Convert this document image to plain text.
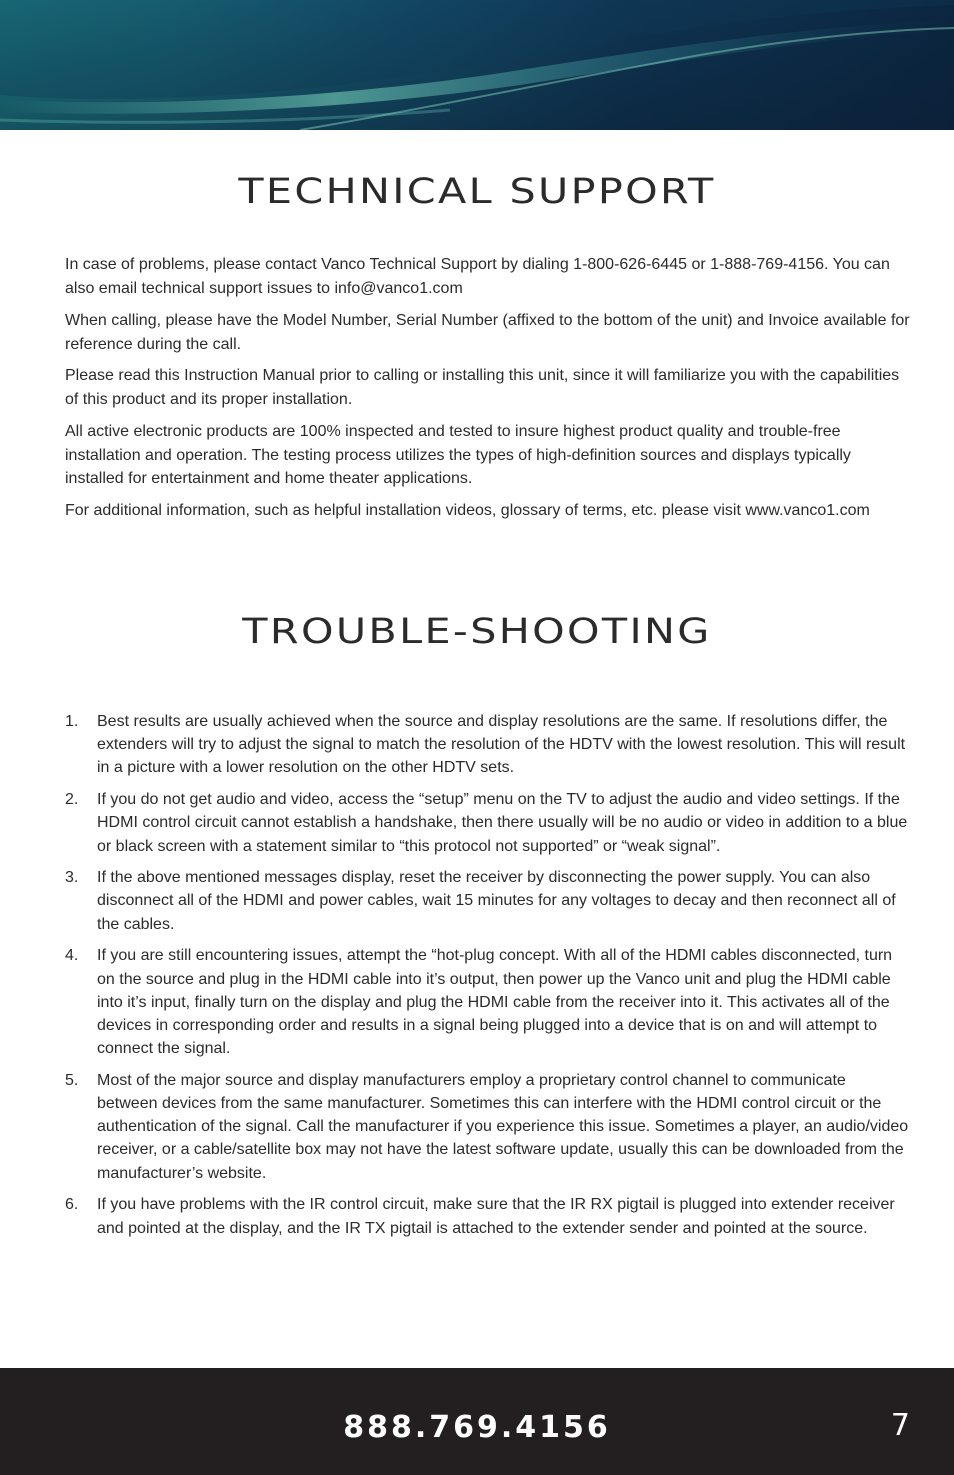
TECHNICAL SUPPORT

In case of problems, please contact Vanco Technical Support by dialing 1-800-626-6445 or 1-888-769-4156. You can also email technical support issues to info@vanco1.com

When calling, please have the Model Number, Serial Number (affixed to the bottom of the unit) and Invoice available for reference during the call.

Please read this Instruction Manual prior to calling or installing this unit, since it will familiarize you with the capabilities of this product and its proper installation.

All active electronic products are 100% inspected and tested to insure highest product quality and trouble-free installation and operation. The testing process utilizes the types of high-definition sources and displays typically installed for entertainment and home theater applications.

For additional information, such as helpful installation videos, glossary of terms, etc. please visit www.vanco1.com

TROUBLE-SHOOTING
1. Best results are usually achieved when the source and display resolutions are the same. If resolutions differ, the extenders will try to adjust the signal to match the resolution of the HDTV with the lowest resolution. This will result in a picture with a lower resolution on the other HDTV sets.
2. If you do not get audio and video, access the “setup” menu on the TV to adjust the audio and video settings. If the HDMI control circuit cannot establish a handshake, then there usually will be no audio or video in addition to a blue or black screen with a statement similar to “this protocol not supported” or “weak signal”.
3. If the above mentioned messages display, reset the receiver by disconnecting the power supply. You can also disconnect all of the HDMI and power cables, wait 15 minutes for any voltages to decay and then reconnect all of the cables.
4. If you are still encountering issues, attempt the “hot-plug concept. With all of the HDMI cables disconnected, turn on the source and plug in the HDMI cable into it’s output, then power up the Vanco unit and plug the HDMI cable into it’s input, finally turn on the display and plug the HDMI cable from the receiver into it. This activates all of the devices in corresponding order and results in a signal being plugged into a device that is on and will attempt to connect the signal.
5. Most of the major source and display manufacturers employ a proprietary control channel to communicate between devices from the same manufacturer. Sometimes this can interfere with the HDMI control circuit or the authentication of the signal. Call the manufacturer if you experience this issue. Sometimes a player, an audio/video receiver, or a cable/satellite box may not have the latest software update, usually this can be downloaded from the manufacturer’s website.
6. If you have problems with the IR control circuit, make sure that the IR RX pigtail is plugged into extender receiver and pointed at the display, and the IR TX pigtail is attached to the extender sender and pointed at the source.
888.769.4156	7
